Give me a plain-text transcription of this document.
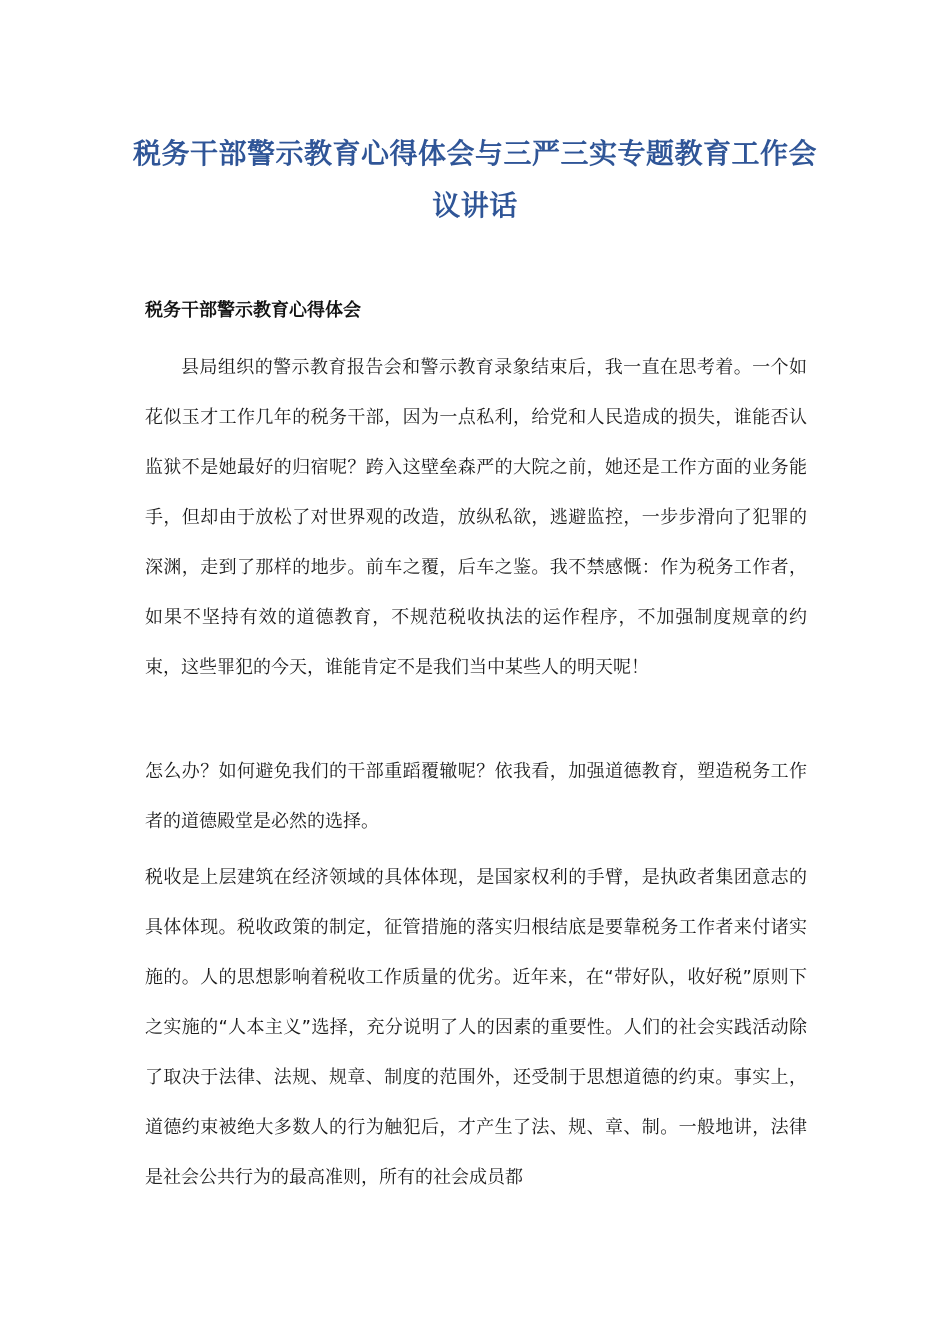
税务干部警示教育心得体会与三严三实专题教育工作会议讲话
税务干部警示教育心得体会

县局组织的警示教育报告会和警示教育录象结束后，我一直在思考着。一个如花似玉才工作几年的税务干部，因为一点私利，给党和人民造成的损失，谁能否认监狱不是她最好的归宿呢？跨入这壁垒森严的大院之前，她还是工作方面的业务能手，但却由于放松了对世界观的改造，放纵私欲，逃避监控，一步步滑向了犯罪的深渊，走到了那样的地步。前车之覆，后车之鉴。我不禁感慨：作为税务工作者，如果不坚持有效的道德教育，不规范税收执法的运作程序，不加强制度规章的约束，这些罪犯的今天，谁能肯定不是我们当中某些人的明天呢！

怎么办？如何避免我们的干部重蹈覆辙呢？依我看，加强道德教育，塑造税务工作者的道德殿堂是必然的选择。

税收是上层建筑在经济领域的具体体现，是国家权利的手臂，是执政者集团意志的具体体现。税收政策的制定，征管措施的落实归根结底是要靠税务工作者来付诸实施的。人的思想影响着税收工作质量的优劣。近年来，在“带好队，收好税”原则下之实施的“人本主义”选择，充分说明了人的因素的重要性。人们的社会实践活动除了取决于法律、法规、规章、制度的范围外，还受制于思想道德的约束。事实上，道德约束被绝大多数人的行为触犯后，才产生了法、规、章、制。一般地讲，法律是社会公共行为的最高准则，所有的社会成员都
